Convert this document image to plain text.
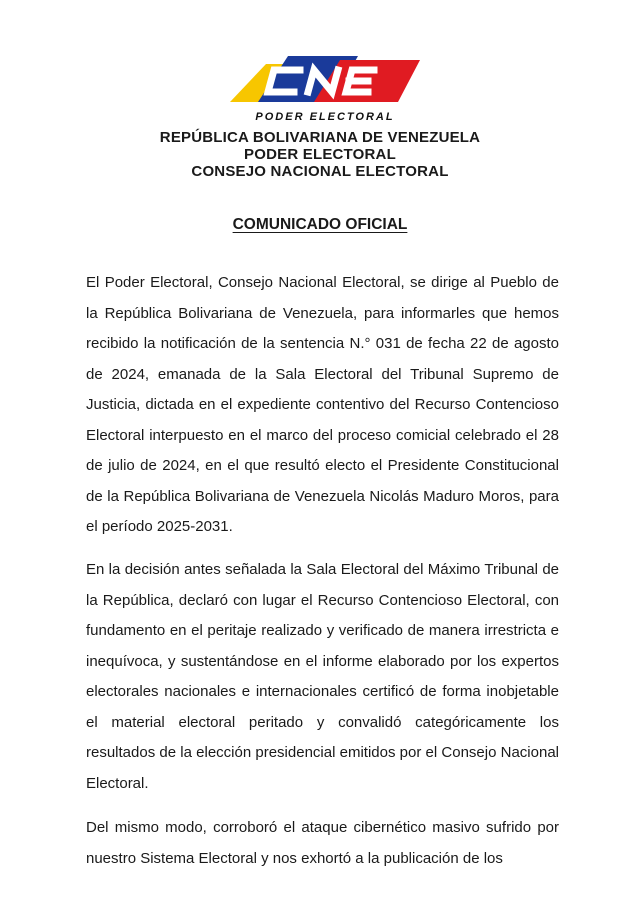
PODER ELECTORAL
REPÚBLICA BOLIVARIANA DE VENEZUELA
PODER ELECTORAL
CONSEJO NACIONAL ELECTORAL
COMUNICADO OFICIAL

El Poder Electoral, Consejo Nacional Electoral, se dirige al Pueblo de la República Bolivariana de Venezuela, para informarles que hemos recibido la notificación de la sentencia N.° 031 de fecha 22 de agosto de 2024, emanada de la Sala Electoral del Tribunal Supremo de Justicia, dictada en el expediente contentivo del Recurso Contencioso Electoral interpuesto en el marco del proceso comicial celebrado el 28 de julio de 2024, en el que resultó electo el Presidente Constitucional de la República Bolivariana de Venezuela Nicolás Maduro Moros, para el período 2025-2031.

En la decisión antes señalada la Sala Electoral del Máximo Tribunal de la República, declaró con lugar el Recurso Contencioso Electoral, con fundamento en el peritaje realizado y verificado de manera irrestricta e inequívoca, y sustentándose en el informe elaborado por los expertos electorales nacionales e internacionales certificó de forma inobjetable el material electoral peritado y convalidó categóricamente los resultados de la elección presidencial emitidos por el Consejo Nacional Electoral.

Del mismo modo, corroboró el ataque cibernético masivo sufrido por nuestro Sistema Electoral y nos exhortó a la publicación de los
